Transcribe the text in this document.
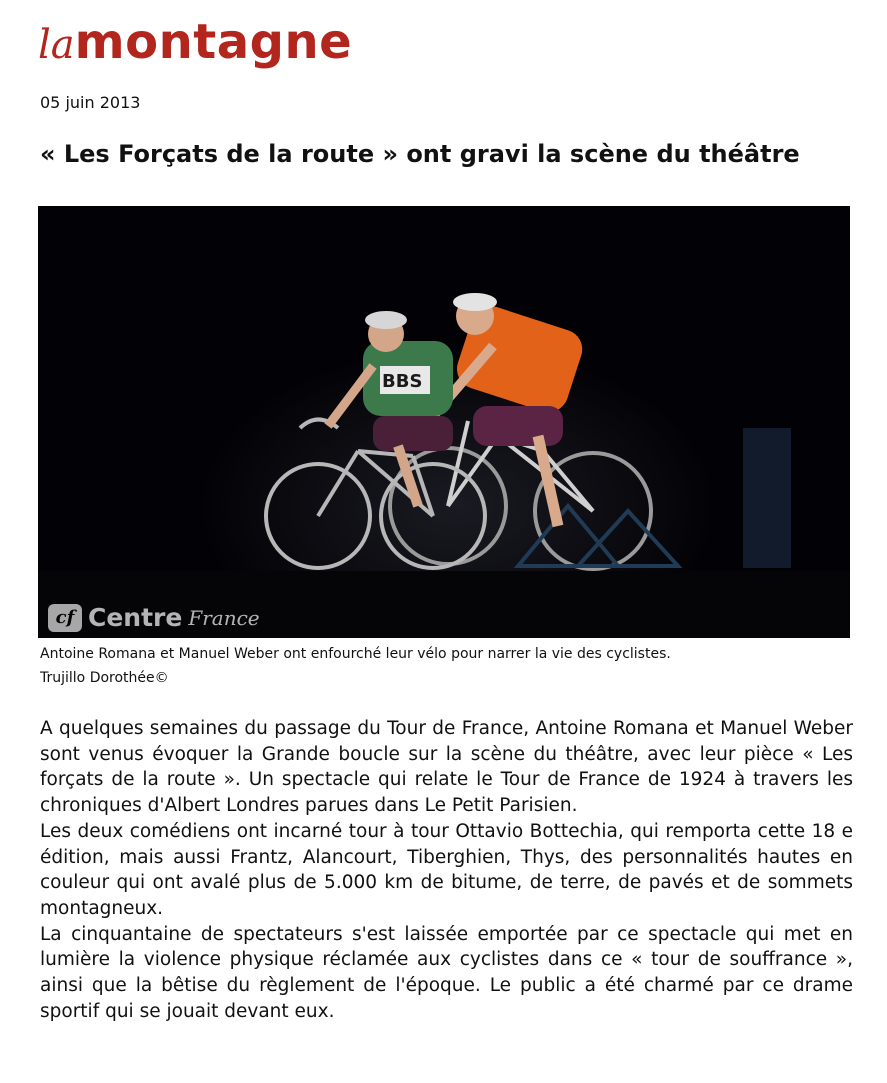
lamontagne
05 juin 2013
« Les Forçats de la route » ont gravi la scène du théâtre
BBS
cf Centre France
Antoine Romana et Manuel Weber ont enfourché leur vélo pour narrer la vie des cyclistes.
Trujillo Dorothée©

A quelques semaines du passage du Tour de France, Antoine Romana et Manuel Weber sont venus évoquer la Grande boucle sur la scène du théâtre, avec leur pièce « Les forçats de la route ». Un spectacle qui relate le Tour de France de 1924 à travers les chroniques d'Albert Londres parues dans Le Petit Parisien.

Les deux comédiens ont incarné tour à tour Ottavio Bottechia, qui remporta cette 18 e édition, mais aussi Frantz, Alancourt, Tiberghien, Thys, des personnalités hautes en couleur qui ont avalé plus de 5.000 km de bitume, de terre, de pavés et de sommets montagneux.

La cinquantaine de spectateurs s'est laissée emportée par ce spectacle qui met en lumière la violence physique réclamée aux cyclistes dans ce « tour de souffrance », ainsi que la bêtise du règlement de l'époque. Le public a été charmé par ce drame sportif qui se jouait devant eux.
